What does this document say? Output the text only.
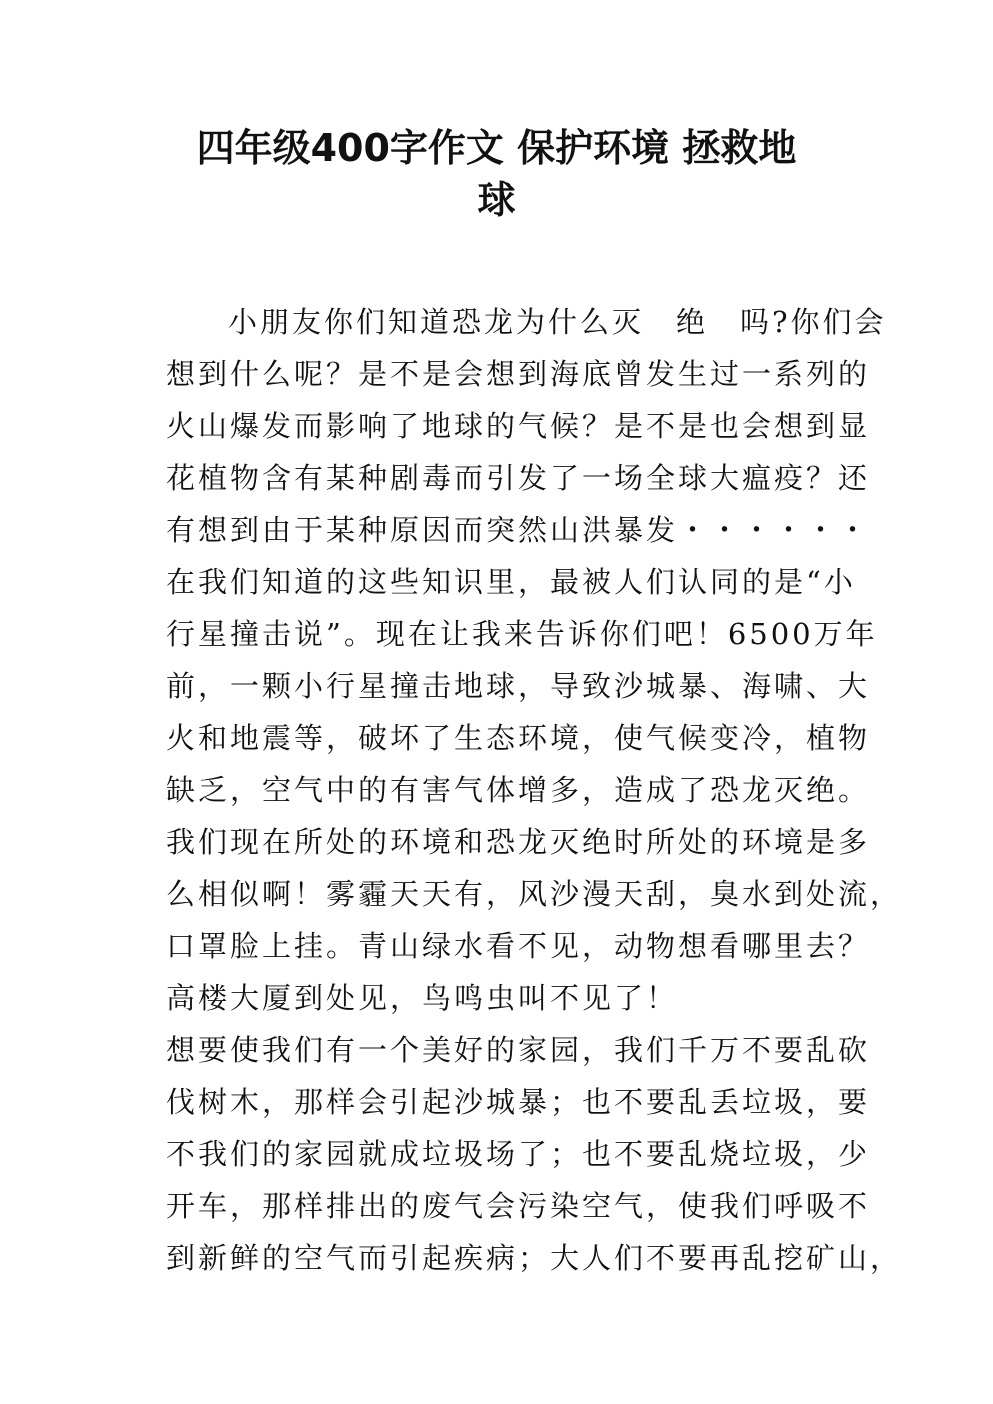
四年级400字作文 保护环境 拯救地
球
小朋友你们知道恐龙为什么灭　绝　吗?你们会
想到什么呢？是不是会想到海底曾发生过一系列的
火山爆发而影响了地球的气候？是不是也会想到显
花植物含有某种剧毒而引发了一场全球大瘟疫？还
有想到由于某种原因而突然山洪暴发・・・・・・
在我们知道的这些知识里，最被人们认同的是“小
行星撞击说”。现在让我来告诉你们吧！6500万年
前，一颗小行星撞击地球，导致沙城暴、海啸、大
火和地震等，破坏了生态环境，使气候变冷，植物
缺乏，空气中的有害气体增多，造成了恐龙灭绝。
我们现在所处的环境和恐龙灭绝时所处的环境是多
么相似啊！雾霾天天有，风沙漫天刮，臭水到处流，
口罩脸上挂。青山绿水看不见，动物想看哪里去？
高楼大厦到处见，鸟鸣虫叫不见了！
想要使我们有一个美好的家园，我们千万不要乱砍
伐树木，那样会引起沙城暴；也不要乱丢垃圾，要
不我们的家园就成垃圾场了；也不要乱烧垃圾，少
开车，那样排出的废气会污染空气，使我们呼吸不
到新鲜的空气而引起疾病；大人们不要再乱挖矿山，
